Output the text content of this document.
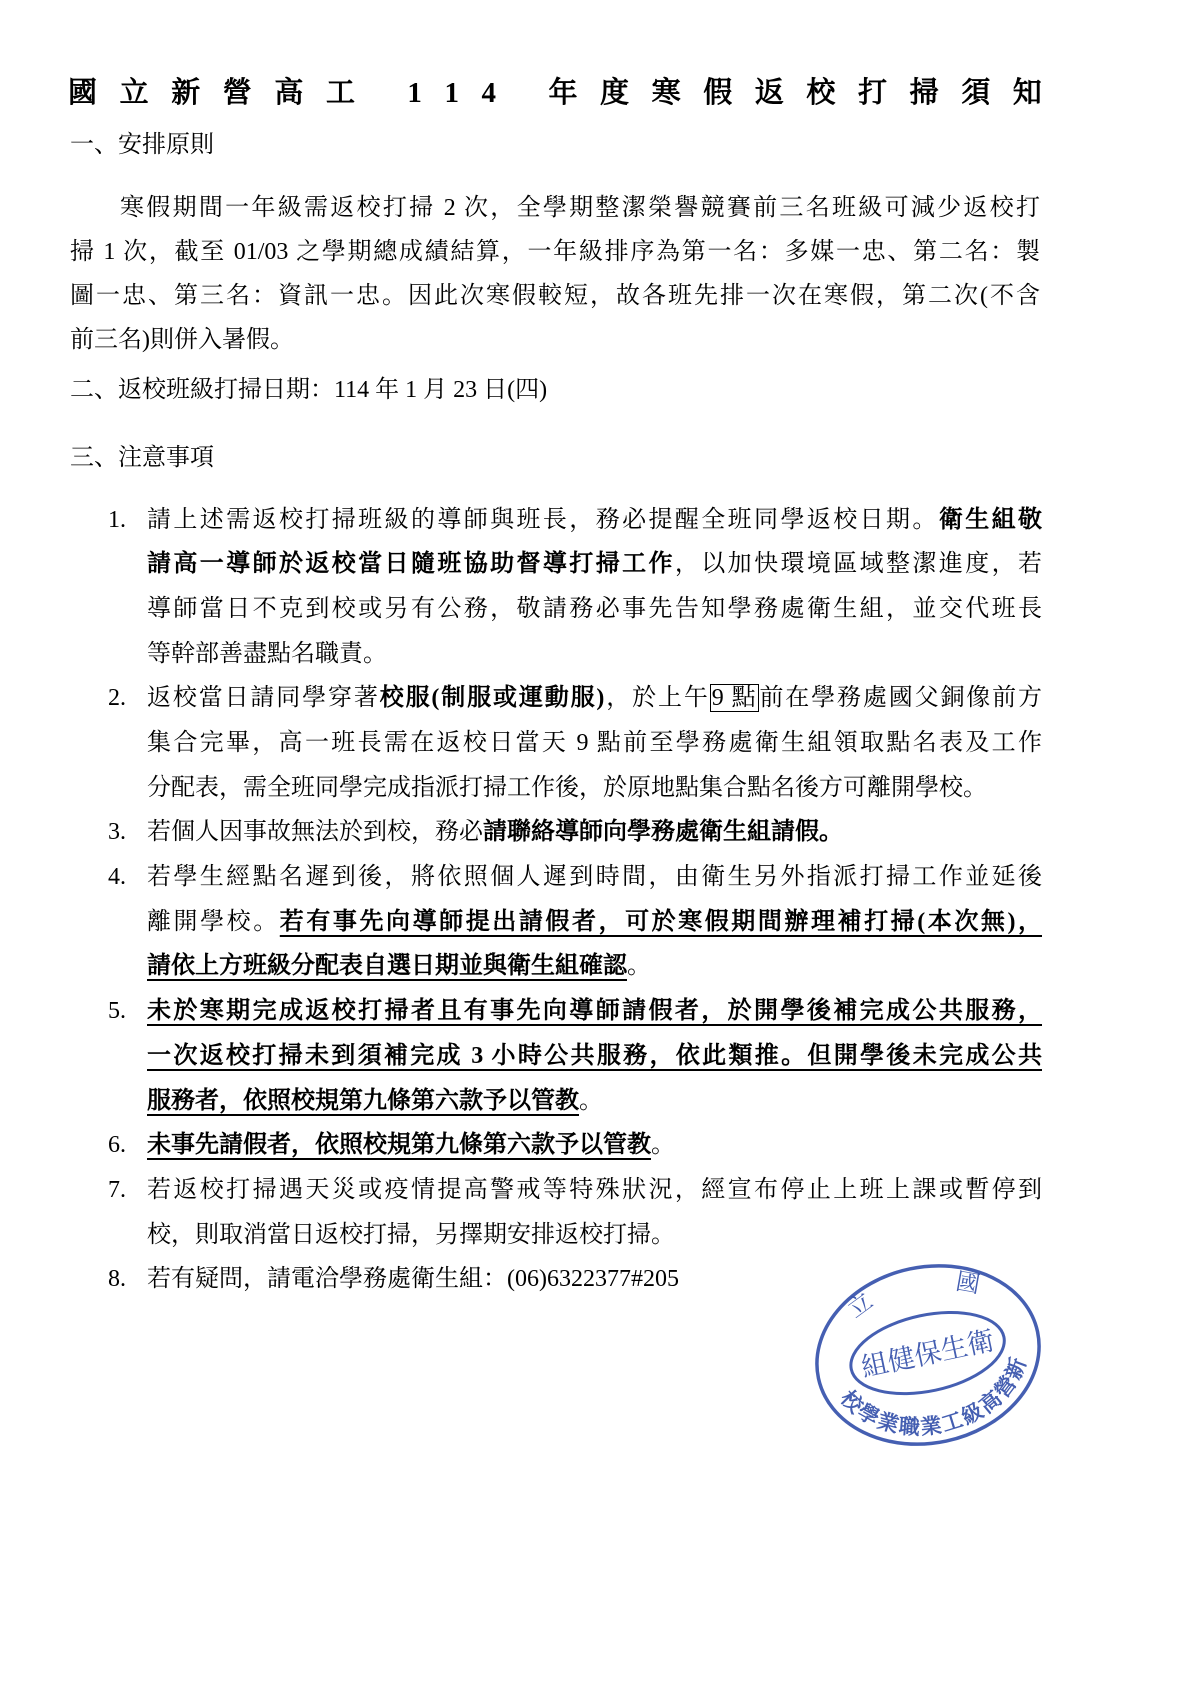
國 立 新 營 高 工
1 1 4
年 度 寒 假 返 校 打 掃 須 知
一、安排原則
寒假期間一年級需返校打掃 2 次，全學期整潔榮譽競賽前三名班級可減少返校打
掃 1 次，截至 01/03 之學期總成績結算，一年級排序為第一名：多媒一忠、第二名：製
圖一忠、第三名：資訊一忠。因此次寒假較短，故各班先排一次在寒假，第二次(不含
前三名)則併入暑假。
二、返校班級打掃日期：114 年 1 月 23 日(四)
三、注意事項
1. 請上述需返校打掃班級的導師與班長，務必提醒全班同學返校日期。衛生組敬
請高一導師於返校當日隨班協助督導打掃工作，以加快環境區域整潔進度，若
導師當日不克到校或另有公務，敬請務必事先告知學務處衛生組，並交代班長
等幹部善盡點名職責。
2. 返校當日請同學穿著校服(制服或運動服)，於上午9 點前在學務處國父銅像前方
集合完畢，高一班長需在返校日當天 9 點前至學務處衛生組領取點名表及工作
分配表，需全班同學完成指派打掃工作後，於原地點集合點名後方可離開學校。
3. 若個人因事故無法於到校，務必請聯絡導師向學務處衛生組請假。
4. 若學生經點名遲到後，將依照個人遲到時間，由衛生另外指派打掃工作並延後
離開學校。若有事先向導師提出請假者，可於寒假期間辦理補打掃(本次無)，
請依上方班級分配表自選日期並與衛生組確認。
5. 未於寒期完成返校打掃者且有事先向導師請假者，於開學後補完成公共服務，
一次返校打掃未到須補完成 3 小時公共服務，依此類推。但開學後未完成公共
服務者，依照校規第九條第六款予以管教。
6. 未事先請假者，依照校規第九條第六款予以管教。
7. 若返校打掃遇天災或疫情提高警戒等特殊狀況，經宣布停止上班上課或暫停到
校，則取消當日返校打掃，另擇期安排返校打掃。
8. 若有疑問，請電洽學務處衛生組：(06)6322377#205
組健保生衛
校學業職業工級高營新
立
國
